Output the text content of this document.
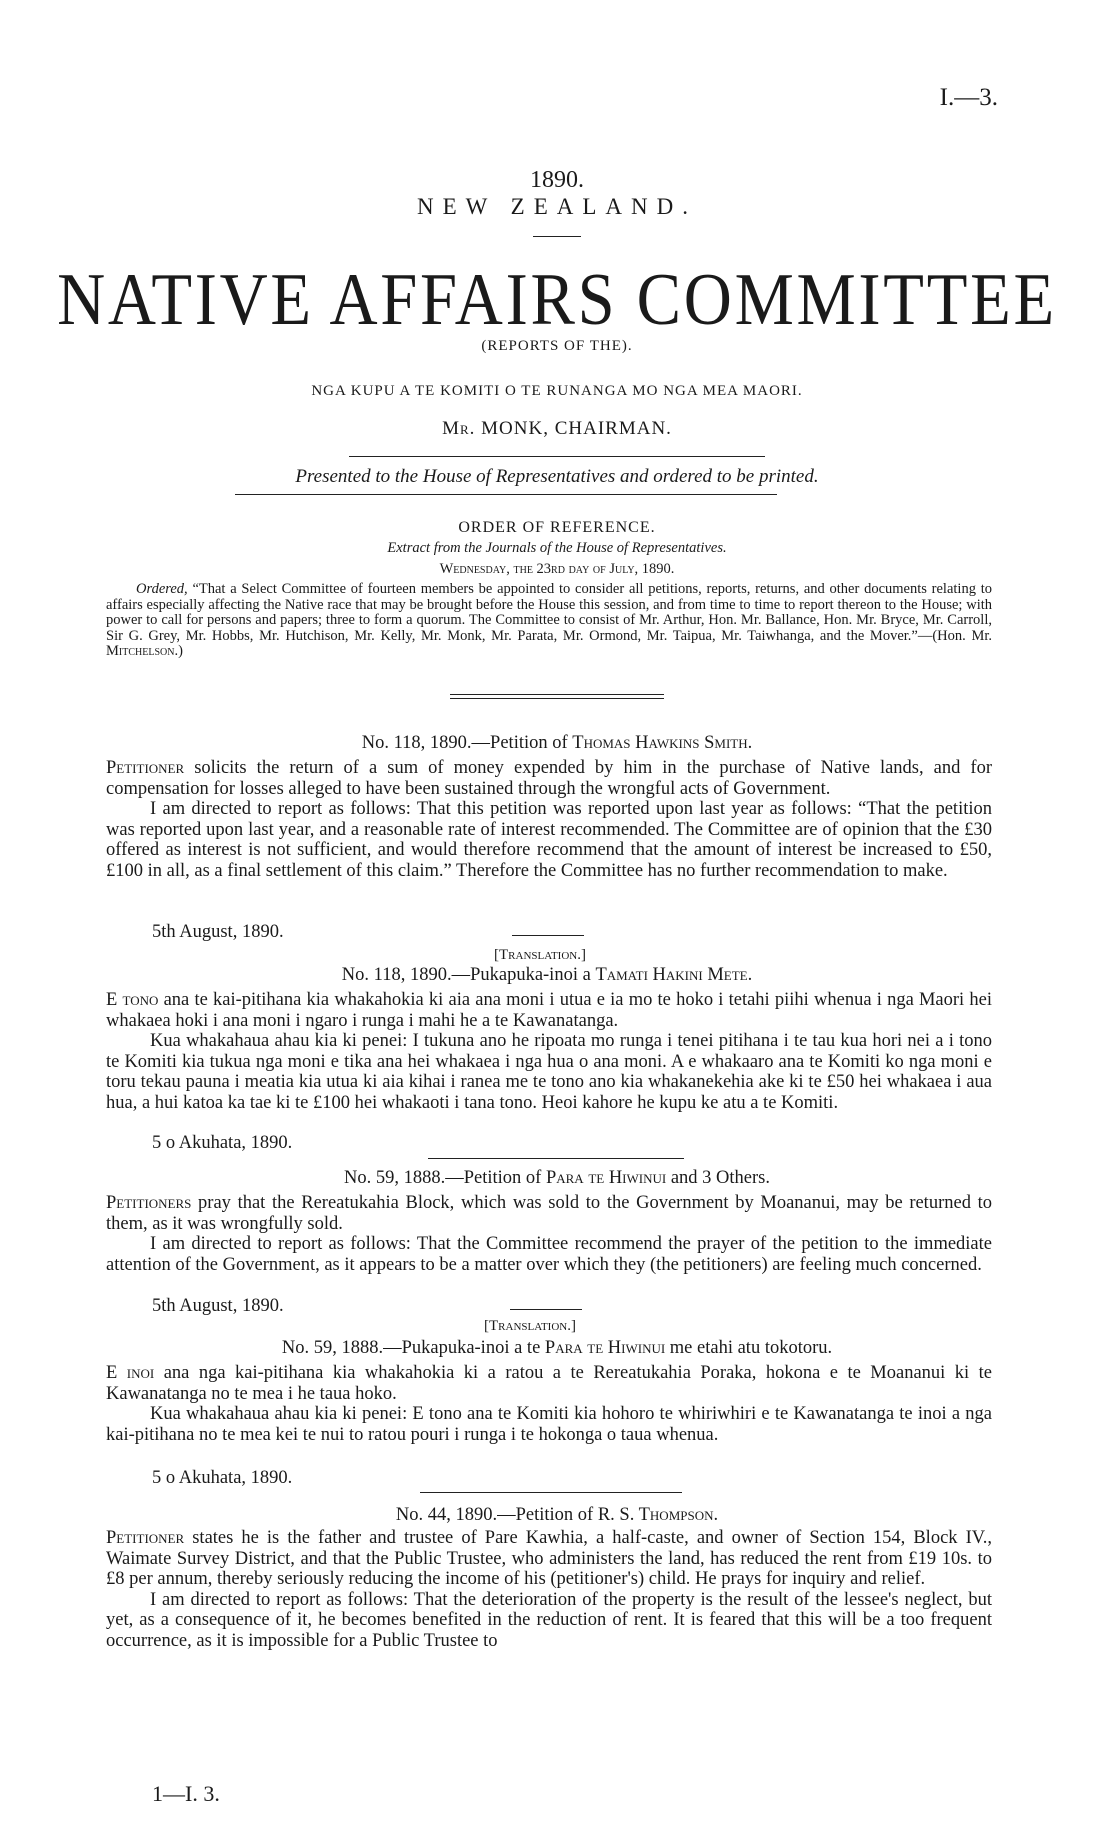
I.—3.
1890.
NEW ZEALAND.
NATIVE AFFAIRS COMMITTEE
(REPORTS OF THE).
NGA KUPU A TE KOMITI O TE RUNANGA MO NGA MEA MAORI.
Mr. MONK, CHAIRMAN.
Presented to the House of Representatives and ordered to be printed.
ORDER OF REFERENCE.
Extract from the Journals of the House of Representatives.
Wednesday, the 23rd day of July, 1890.

Ordered, “That a Select Committee of fourteen members be appointed to consider all petitions, reports, returns, and other documents relating to affairs especially affecting the Native race that may be brought before the House this session, and from time to time to report thereon to the House; with power to call for persons and papers; three to form a quorum. The Committee to consist of Mr. Arthur, Hon. Mr. Ballance, Hon. Mr. Bryce, Mr. Carroll, Sir G. Grey, Mr. Hobbs, Mr. Hutchison, Mr. Kelly, Mr. Monk, Mr. Parata, Mr. Ormond, Mr. Taipua, Mr. Taiwhanga, and the Mover.”—(Hon. Mr. Mitchelson.)

No. 118, 1890.—Petition of Thomas Hawkins Smith.

Petitioner solicits the return of a sum of money expended by him in the purchase of Native lands, and for compensation for losses alleged to have been sustained through the wrongful acts of Government.

I am directed to report as follows: That this petition was reported upon last year as follows: “That the petition was reported upon last year, and a reasonable rate of interest recommended. The Committee are of opinion that the £30 offered as interest is not sufficient, and would therefore recommend that the amount of interest be increased to £50, £100 in all, as a final settlement of this claim.” Therefore the Committee has no further recommendation to make.

5th August, 1890.
[Translation.]
No. 118, 1890.—Pukapuka-inoi a Tamati Hakini Mete.

E tono ana te kai-pitihana kia whakahokia ki aia ana moni i utua e ia mo te hoko i tetahi piihi whenua i nga Maori hei whakaea hoki i ana moni i ngaro i runga i mahi he a te Kawanatanga.

Kua whakahaua ahau kia ki penei: I tukuna ano he ripoata mo runga i tenei pitihana i te tau kua hori nei a i tono te Komiti kia tukua nga moni e tika ana hei whakaea i nga hua o ana moni. A e whakaaro ana te Komiti ko nga moni e toru tekau pauna i meatia kia utua ki aia kihai i ranea me te tono ano kia whakanekehia ake ki te £50 hei whakaea i aua hua, a hui katoa ka tae ki te £100 hei whakaoti i tana tono. Heoi kahore he kupu ke atu a te Komiti.

5 o Akuhata, 1890.
No. 59, 1888.—Petition of Para te Hiwinui and 3 Others.

Petitioners pray that the Rereatukahia Block, which was sold to the Government by Moananui, may be returned to them, as it was wrongfully sold.

I am directed to report as follows: That the Committee recommend the prayer of the petition to the immediate attention of the Government, as it appears to be a matter over which they (the petitioners) are feeling much concerned.

5th August, 1890.
[Translation.]
No. 59, 1888.—Pukapuka-inoi a te Para te Hiwinui me etahi atu tokotoru.

E inoi ana nga kai-pitihana kia whakahokia ki a ratou a te Rereatukahia Poraka, hokona e te Moananui ki te Kawanatanga no te mea i he taua hoko.

Kua whakahaua ahau kia ki penei: E tono ana te Komiti kia hohoro te whiriwhiri e te Kawanatanga te inoi a nga kai-pitihana no te mea kei te nui to ratou pouri i runga i te hokonga o taua whenua.

5 o Akuhata, 1890.
No. 44, 1890.—Petition of R. S. Thompson.

Petitioner states he is the father and trustee of Pare Kawhia, a half-caste, and owner of Section 154, Block IV., Waimate Survey District, and that the Public Trustee, who administers the land, has reduced the rent from £19 10s. to £8 per annum, thereby seriously reducing the income of his (petitioner's) child. He prays for inquiry and relief.

I am directed to report as follows: That the deterioration of the property is the result of the lessee's neglect, but yet, as a consequence of it, he becomes benefited in the reduction of rent. It is feared that this will be a too frequent occurrence, as it is impossible for a Public Trustee to

1—I. 3.
